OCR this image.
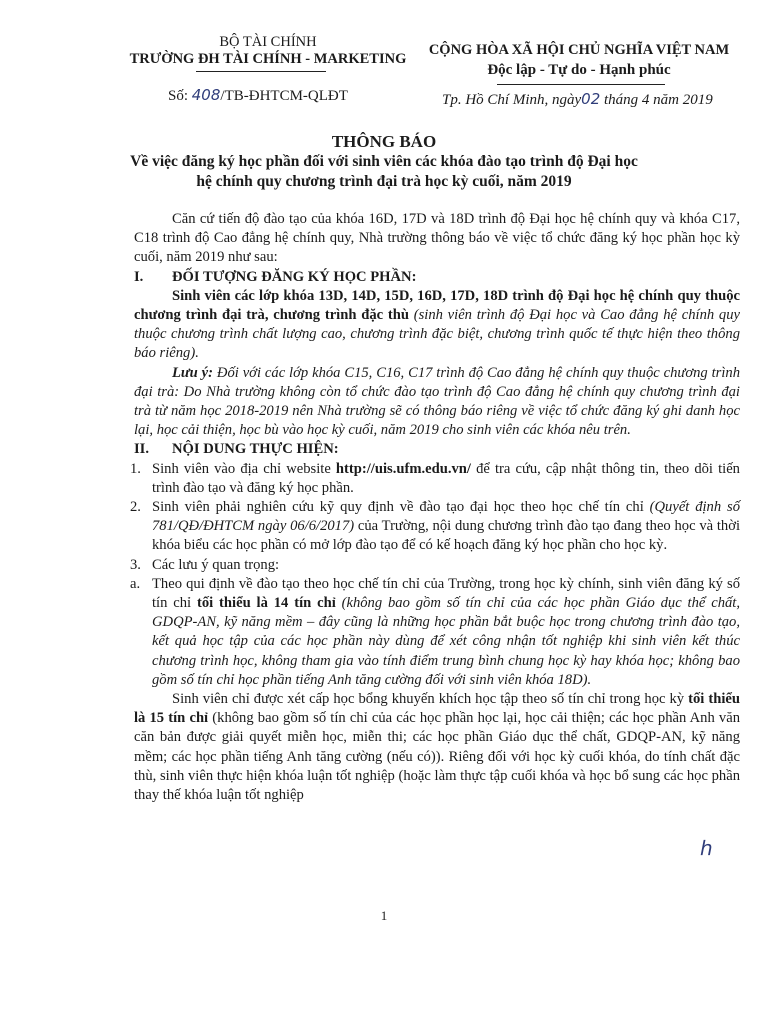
BỘ TÀI CHÍNH
TRƯỜNG ĐH TÀI CHÍNH - MARKETING
CỘNG HÒA XÃ HỘI CHỦ NGHĨA VIỆT NAM
Độc lập - Tự do - Hạnh phúc
Số: 408/TB-ĐHTCM-QLĐT	Tp. Hồ Chí Minh, ngày02 tháng 4 năm 2019
THÔNG BÁO
Về việc đăng ký học phần đối với sinh viên các khóa đào tạo trình độ Đại học
hệ chính quy chương trình đại trà học kỳ cuối, năm 2019

Căn cứ tiến độ đào tạo của khóa 16D, 17D và 18D trình độ Đại học hệ chính quy và khóa C17, C18 trình độ Cao đẳng hệ chính quy, Nhà trường thông báo về việc tổ chức đăng ký học phần học kỳ cuối, năm 2019 như sau:

I. ĐỐI TƯỢNG ĐĂNG KÝ HỌC PHẦN:

Sinh viên các lớp khóa 13D, 14D, 15D, 16D, 17D, 18D trình độ Đại học hệ chính quy thuộc chương trình đại trà, chương trình đặc thù (sinh viên trình độ Đại học và Cao đẳng hệ chính quy thuộc chương trình chất lượng cao, chương trình đặc biệt, chương trình quốc tế thực hiện theo thông báo riêng).

Lưu ý: Đối với các lớp khóa C15, C16, C17 trình độ Cao đẳng hệ chính quy thuộc chương trình đại trà: Do Nhà trường không còn tổ chức đào tạo trình độ Cao đẳng hệ chính quy chương trình đại trà từ năm học 2018-2019 nên Nhà trường sẽ có thông báo riêng về việc tổ chức đăng ký ghi danh học lại, học cải thiện, học bù vào học kỳ cuối, năm 2019 cho sinh viên các khóa nêu trên.

II. NỘI DUNG THỰC HIỆN:

1. Sinh viên vào địa chỉ website http://uis.ufm.edu.vn/ để tra cứu, cập nhật thông tin, theo dõi tiến trình đào tạo và đăng ký học phần.

2. Sinh viên phải nghiên cứu kỹ quy định về đào tạo đại học theo học chế tín chỉ (Quyết định số 781/QĐ/ĐHTCM ngày 06/6/2017) của Trường, nội dung chương trình đào tạo đang theo học và thời khóa biểu các học phần có mở lớp đào tạo để có kế hoạch đăng ký học phần cho học kỳ.

3. Các lưu ý quan trọng:

a. Theo qui định về đào tạo theo học chế tín chỉ của Trường, trong học kỳ chính, sinh viên đăng ký số tín chỉ tối thiểu là 14 tín chỉ (không bao gồm số tín chỉ của các học phần Giáo dục thể chất, GDQP-AN, kỹ năng mềm – đây cũng là những học phần bắt buộc học trong chương trình đào tạo, kết quả học tập của các học phần này dùng để xét công nhận tốt nghiệp khi sinh viên kết thúc chương trình học, không tham gia vào tính điểm trung bình chung học kỳ hay khóa học; không bao gồm số tín chỉ học phần tiếng Anh tăng cường đối với sinh viên khóa 18D).

Sinh viên chỉ được xét cấp học bổng khuyến khích học tập theo số tín chỉ trong học kỳ tối thiểu là 15 tín chỉ (không bao gồm số tín chỉ của các học phần học lại, học cải thiện; các học phần Anh văn căn bản được giải quyết miễn học, miễn thi; các học phần Giáo dục thể chất, GDQP-AN, kỹ năng mềm; các học phần tiếng Anh tăng cường (nếu có)). Riêng đối với học kỳ cuối khóa, do tính chất đặc thù, sinh viên thực hiện khóa luận tốt nghiệp (hoặc làm thực tập cuối khóa và học bổ sung các học phần thay thế khóa luận tốt nghiệp

ℎ
1
